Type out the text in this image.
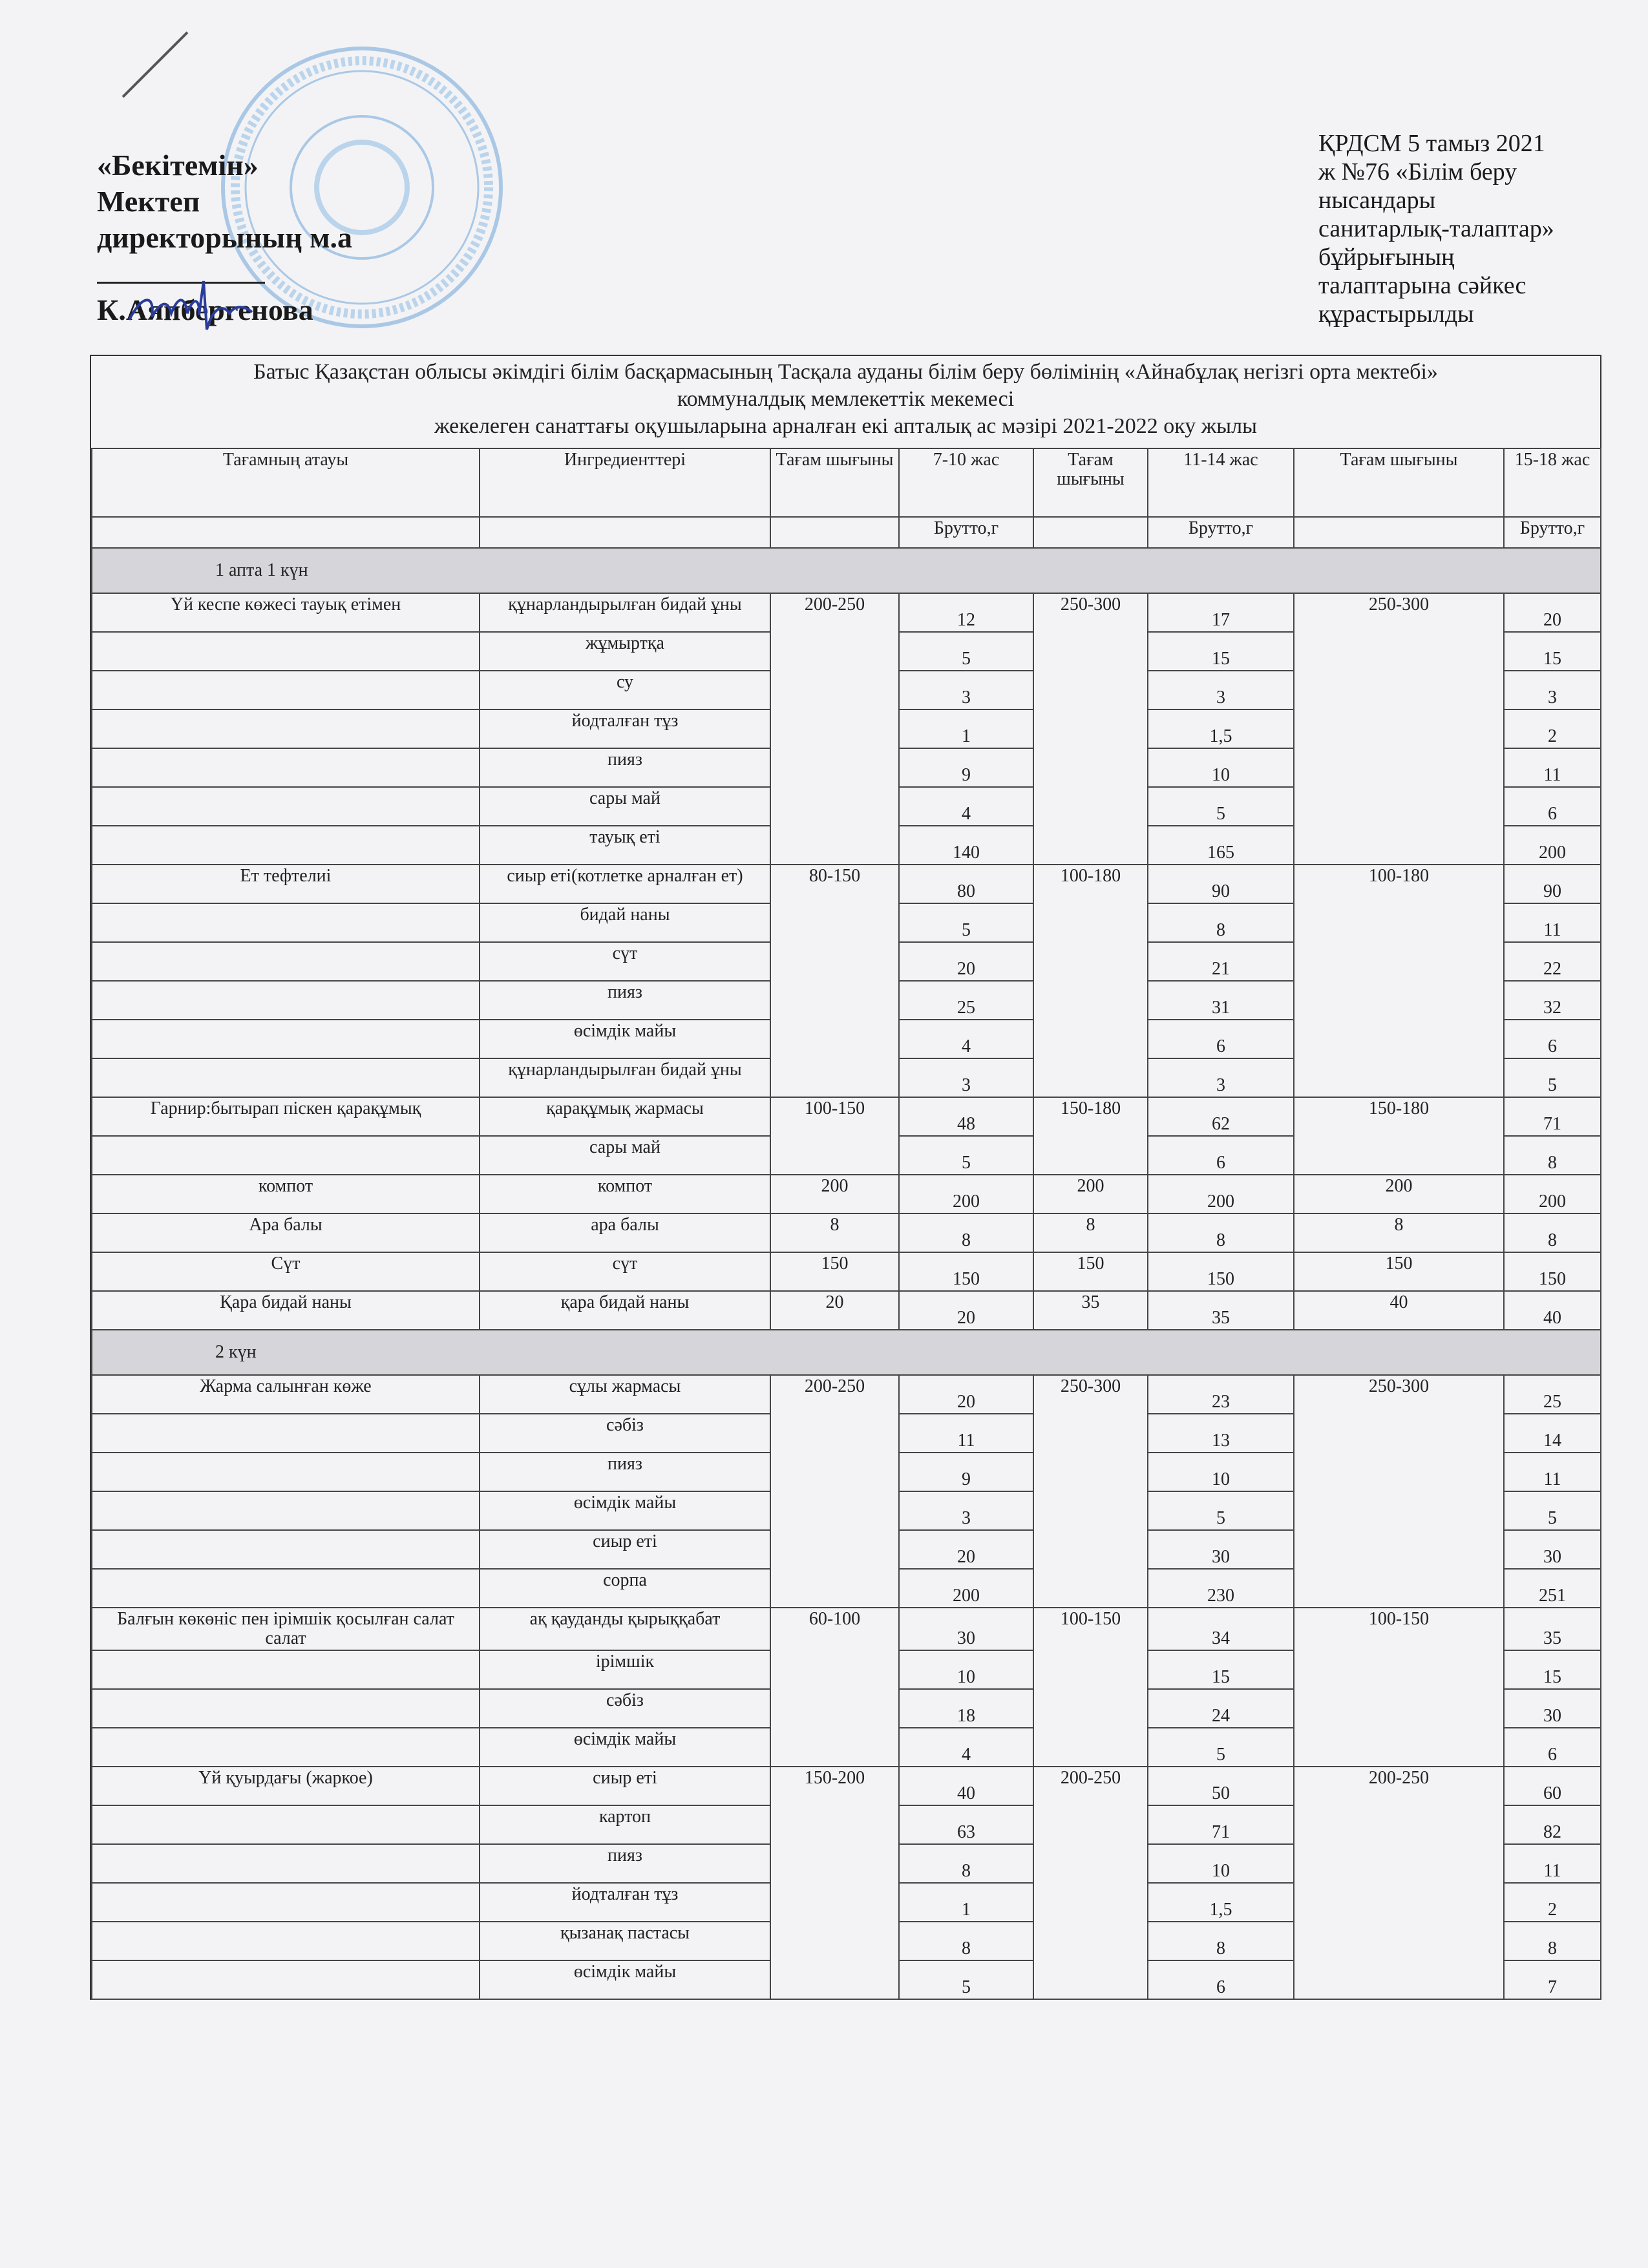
«Бекітемін»
Мектеп
директорының м.а
К.Аяпбергенова
ҚРДСМ 5 тамыз 2021
ж №76 «Білім беру
нысандары
санитарлық-талаптар»
бұйрығының
талаптарына сәйкес
құрастырылды
Батыс Қазақстан облысы әкімдігі білім басқармасының Тасқала ауданы білім беру бөлімінің «Айнабұлақ негізгі орта мектебі»
коммуналдық мемлекеттік мекемесі
жекелеген санаттағы оқушыларына арналған екі апталық ас мәзірі 2021-2022 оку жылы
Тағамның атауы	Ингредиенттері	Тағам шығыны	7-10 жас	Тағам шығыны	11-14 жас	Тағам шығыны	15-18 жас
			Брутто,г		Брутто,г		Брутто,г
1 апта 1 күн							
Үй кеспе көжесі тауық етімен	құнарландырылған бидай ұны	200-250	12	250-300	17	250-300	20
	жұмыртқа		5		15		15
	су		3		3		3
	йодталған тұз		1		1,5		2
	пияз		9		10		11
	сары май		4		5		6
	тауық еті		140		165		200
Ет тефтелиі	сиыр еті(котлетке арналған ет)	80-150	80	100-180	90	100-180	90
	бидай наны		5		8		11
	сүт		20		21		22
	пияз		25		31		32
	өсімдік майы		4		6		6
	құнарландырылған бидай ұны		3		3		5
Гарнир:бытырап піскен қарақұмық	қарақұмық жармасы	100-150	48	150-180	62	150-180	71
	сары май		5		6		8
компот	компот	200	200	200	200	200	200
Ара балы	ара балы	8	8	8	8	8	8
Сүт	сүт	150	150	150	150	150	150
Қара бидай наны	қара бидай наны	20	20	35	35	40	40
2 күн							
Жарма салынған көже	сұлы жармасы	200-250	20	250-300	23	250-300	25
	сәбіз		11		13		14
	пияз		9		10		11
	өсімдік майы		3		5		5
	сиыр еті		20		30		30
	сорпа		200		230		251
Балғын көкөніс пен ірімшік қосылған салат салат	ақ қауданды қырыққабат	60-100	30	100-150	34	100-150	35
	ірімшік		10		15		15
	сәбіз		18		24		30
	өсімдік майы		4		5		6
Үй қуырдағы (жаркое)	сиыр еті	150-200	40	200-250	50	200-250	60
	картоп		63		71		82
	пияз		8		10		11
	йодталған тұз		1		1,5		2
	қызанақ пастасы		8		8		8
	өсімдік майы		5		6		7
